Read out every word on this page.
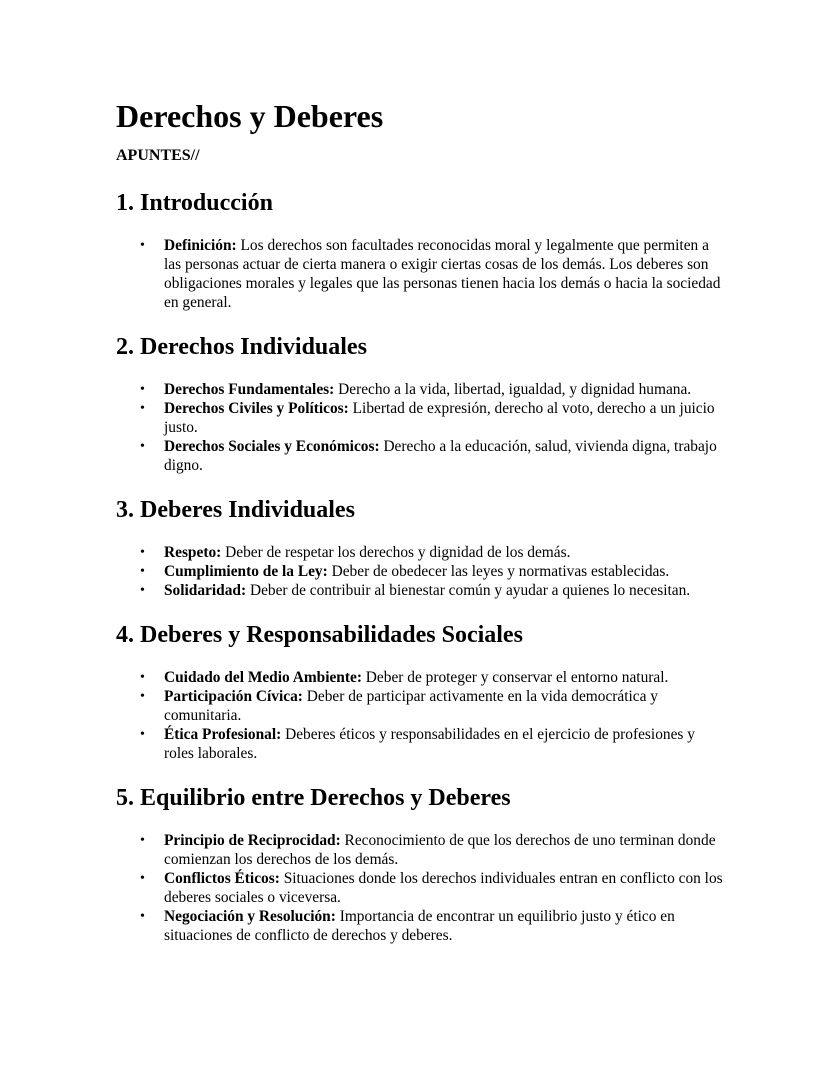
Derechos y Deberes
APUNTES//
1. Introducción
• Definición: Los derechos son facultades reconocidas moral y legalmente que permiten a las personas actuar de cierta manera o exigir ciertas cosas de los demás. Los deberes son obligaciones morales y legales que las personas tienen hacia los demás o hacia la sociedad en general.
2. Derechos Individuales
• Derechos Fundamentales: Derecho a la vida, libertad, igualdad, y dignidad humana.
• Derechos Civiles y Políticos: Libertad de expresión, derecho al voto, derecho a un juicio justo.
• Derechos Sociales y Económicos: Derecho a la educación, salud, vivienda digna, trabajo digno.
3. Deberes Individuales
• Respeto: Deber de respetar los derechos y dignidad de los demás.
• Cumplimiento de la Ley: Deber de obedecer las leyes y normativas establecidas.
• Solidaridad: Deber de contribuir al bienestar común y ayudar a quienes lo necesitan.
4. Deberes y Responsabilidades Sociales
• Cuidado del Medio Ambiente: Deber de proteger y conservar el entorno natural.
• Participación Cívica: Deber de participar activamente en la vida democrática y comunitaria.
• Ética Profesional: Deberes éticos y responsabilidades en el ejercicio de profesiones y roles laborales.
5. Equilibrio entre Derechos y Deberes
• Principio de Reciprocidad: Reconocimiento de que los derechos de uno terminan donde comienzan los derechos de los demás.
• Conflictos Éticos: Situaciones donde los derechos individuales entran en conflicto con los deberes sociales o viceversa.
• Negociación y Resolución: Importancia de encontrar un equilibrio justo y ético en situaciones de conflicto de derechos y deberes.
